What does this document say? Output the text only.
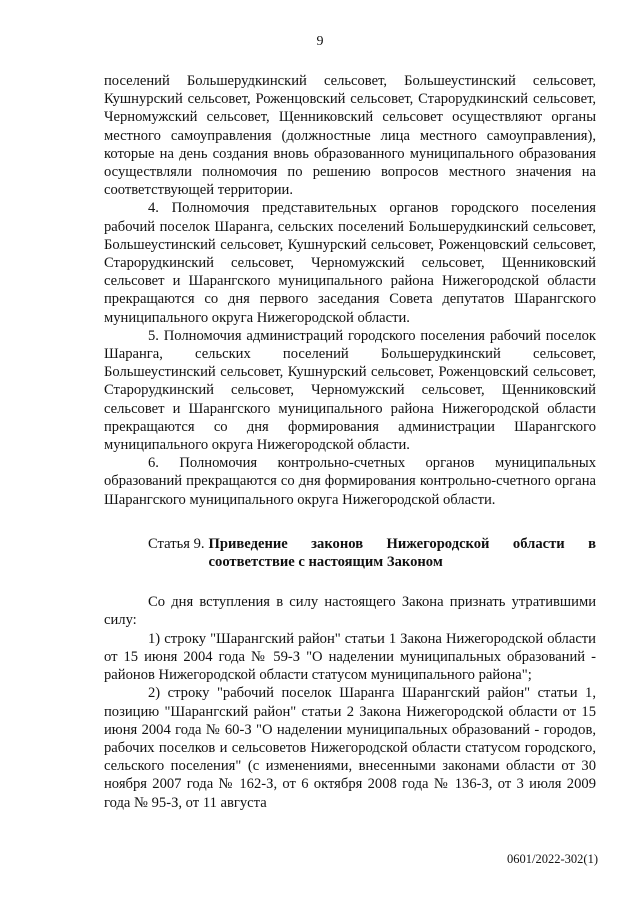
9

поселений Большерудкинский сельсовет, Большеустинский сельсовет, Кушнурский сельсовет, Роженцовский сельсовет, Старорудкинский сельсовет, Черномужский сельсовет, Щенниковский сельсовет осуществляют органы местного самоуправления (должностные лица местного самоуправления), которые на день создания вновь образованного муниципального образования осуществляли полномочия по решению вопросов местного значения на соответствующей территории.

4. Полномочия представительных органов городского поселения рабочий поселок Шаранга, сельских поселений Большерудкинский сельсовет, Большеустинский сельсовет, Кушнурский сельсовет, Роженцовский сельсовет, Старорудкинский сельсовет, Черномужский сельсовет, Щенниковский сельсовет и Шарангского муниципального района Нижегородской области прекращаются со дня первого заседания Совета депутатов Шарангского муниципального округа Нижегородской области.

5. Полномочия администраций городского поселения рабочий поселок Шаранга, сельских поселений Большерудкинский сельсовет, Большеустинский сельсовет, Кушнурский сельсовет, Роженцовский сельсовет, Старорудкинский сельсовет, Черномужский сельсовет, Щенниковский сельсовет и Шарангского муниципального района Нижегородской области прекращаются со дня формирования администрации Шарангского муниципального округа Нижегородской области.

6. Полномочия контрольно-счетных органов муниципальных образований прекращаются со дня формирования контрольно-счетного органа Шарангского муниципального округа Нижегородской области.

Статья 9. Приведение законов Нижегородской области в соответствие с настоящим Законом

Со дня вступления в силу настоящего Закона признать утратившими силу:

1) строку "Шарангский район" статьи 1 Закона Нижегородской области от 15 июня 2004 года № 59-З "О наделении муниципальных образований - районов Нижегородской области статусом муниципального района";

2) строку "рабочий поселок Шаранга Шарангский район" статьи 1, позицию "Шарангский район" статьи 2 Закона Нижегородской области от 15 июня 2004 года № 60-З "О наделении муниципальных образований - городов, рабочих поселков и сельсоветов Нижегородской области статусом городского, сельского поселения" (с изменениями, внесенными законами области от 30 ноября 2007 года № 162-З, от 6 октября 2008 года № 136-З, от 3 июля 2009 года № 95-З, от 11 августа

0601/2022-302(1)
